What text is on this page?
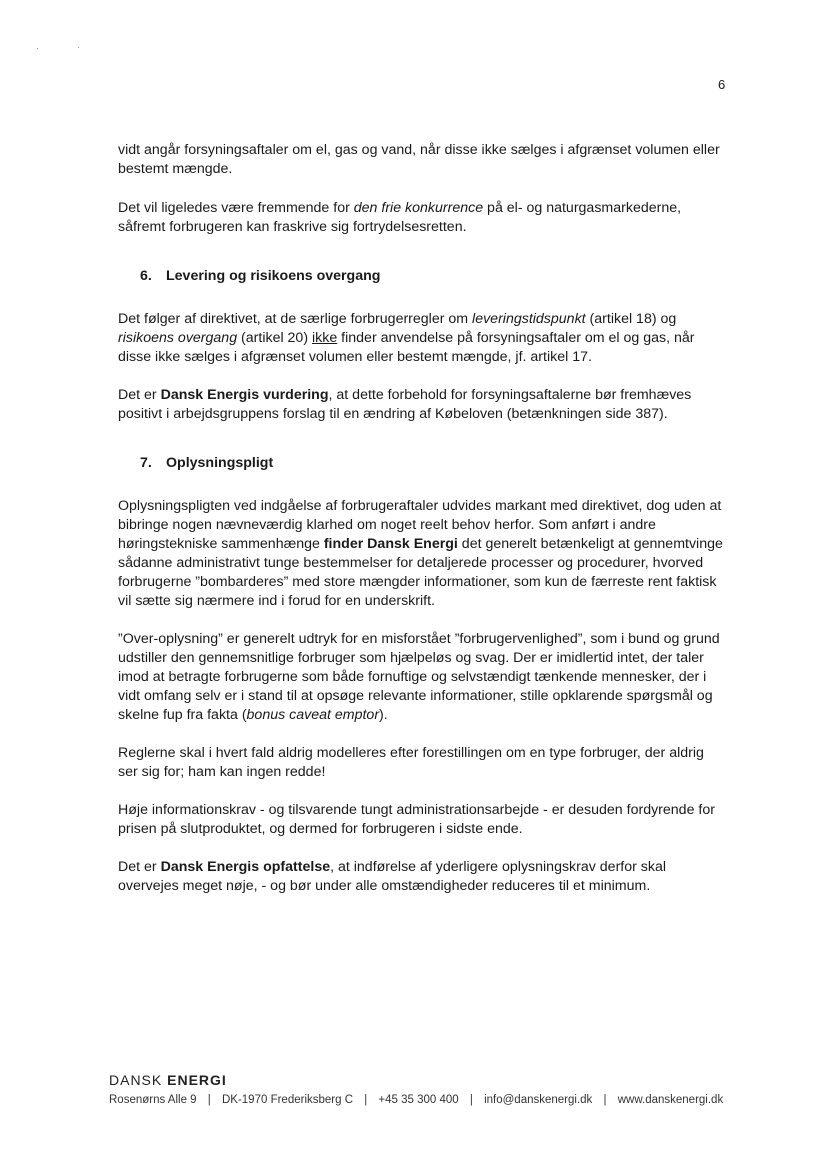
6

vidt angår forsyningsaftaler om el, gas og vand, når disse ikke sælges i afgrænset volumen eller bestemt mængde.

Det vil ligeledes være fremmende for den frie konkurrence på el- og naturgasmarkederne, såfremt forbrugeren kan fraskrive sig fortrydelsesretten.

6. Levering og risikoens overgang

Det følger af direktivet, at de særlige forbrugerregler om leveringstidspunkt (artikel 18) og risikoens overgang (artikel 20) ikke finder anvendelse på forsyningsaftaler om el og gas, når disse ikke sælges i afgrænset volumen eller bestemt mængde, jf. artikel 17.

Det er Dansk Energis vurdering, at dette forbehold for forsyningsaftalerne bør fremhæves positivt i arbejdsgruppens forslag til en ændring af Købeloven (betænkningen side 387).

7. Oplysningspligt

Oplysningspligten ved indgåelse af forbrugeraftaler udvides markant med direktivet, dog uden at bibringe nogen nævneværdig klarhed om noget reelt behov herfor. Som anført i andre høringstekniske sammenhænge finder Dansk Energi det generelt betænkeligt at gennemtvinge sådanne administrativt tunge bestemmelser for detaljerede processer og procedurer, hvorved forbrugerne ”bombarderes” med store mængder informationer, som kun de færreste rent faktisk vil sætte sig nærmere ind i forud for en underskrift.

”Over-oplysning” er generelt udtryk for en misforstået ”forbrugervenlighed”, som i bund og grund udstiller den gennemsnitlige forbruger som hjælpeløs og svag. Der er imidlertid intet, der taler imod at betragte forbrugerne som både fornuftige og selvstændigt tænkende mennesker, der i vidt omfang selv er i stand til at opsøge relevante informationer, stille opklarende spørgsmål og skelne fup fra fakta (bonus caveat emptor).

Reglerne skal i hvert fald aldrig modelleres efter forestillingen om en type forbruger, der aldrig ser sig for; ham kan ingen redde!

Høje informationskrav - og tilsvarende tungt administrationsarbejde - er desuden fordyrende for prisen på slutproduktet, og dermed for forbrugeren i sidste ende.

Det er Dansk Energis opfattelse, at indførelse af yderligere oplysningskrav derfor skal overvejes meget nøje, - og bør under alle omstændigheder reduceres til et minimum.

DANSK ENERGI
Rosenørns Alle 9 | DK-1970 Frederiksberg C | +45 35 300 400 | info@danskenergi.dk | www.danskenergi.dk
